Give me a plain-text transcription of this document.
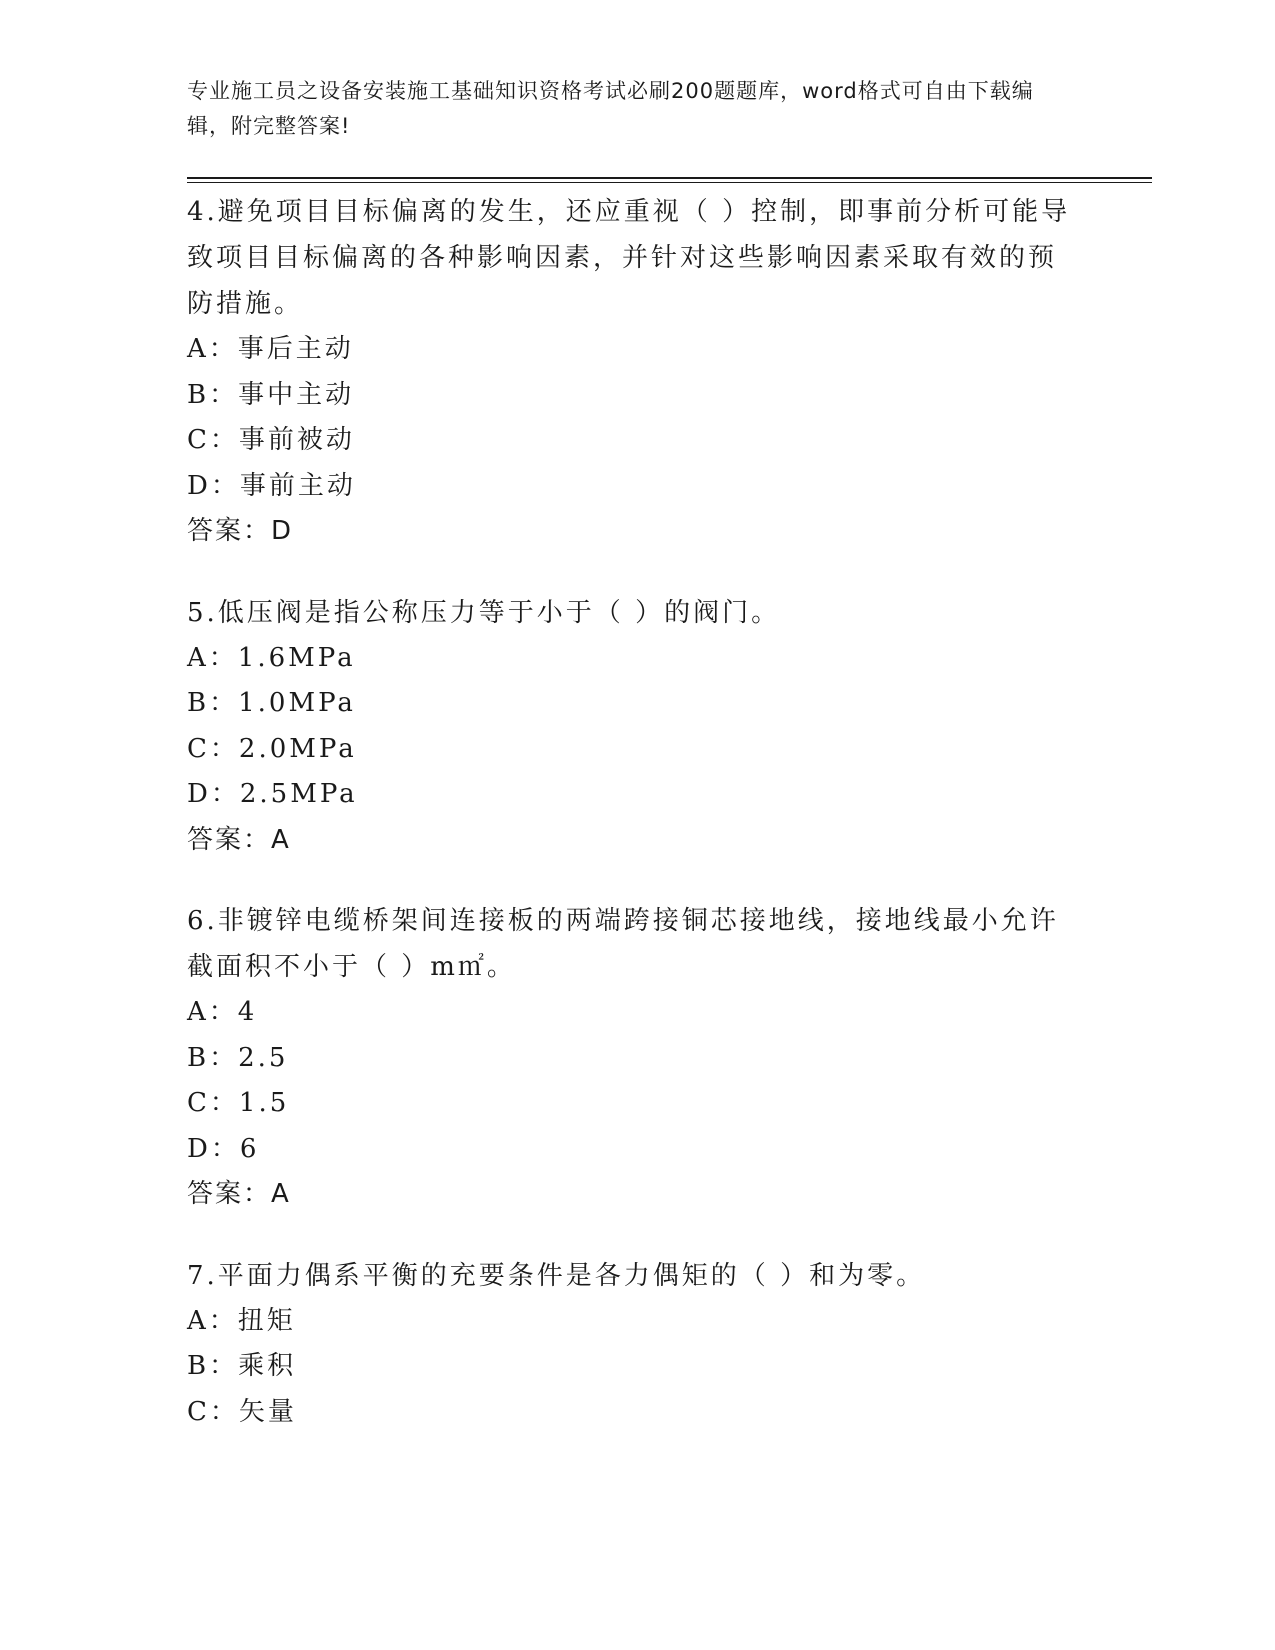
专业施工员之设备安装施工基础知识资格考试必刷200题题库，word格式可自由下载编辑，附完整答案!
4.避免项目目标偏离的发生，还应重视（ ）控制，即事前分析可能导致项目目标偏离的各种影响因素，并针对这些影响因素采取有效的预防措施。
A：事后主动
B：事中主动
C：事前被动
D：事前主动
答案：D
5.低压阀是指公称压力等于小于（ ）的阀门。
A：1.6MPa
B：1.0MPa
C：2.0MPa
D：2.5MPa
答案：A
6.非镀锌电缆桥架间连接板的两端跨接铜芯接地线，接地线最小允许截面积不小于（ ）m㎡。
A：4
B：2.5
C：1.5
D：6
答案：A
7.平面力偶系平衡的充要条件是各力偶矩的（ ）和为零。
A：扭矩
B：乘积
C：矢量
